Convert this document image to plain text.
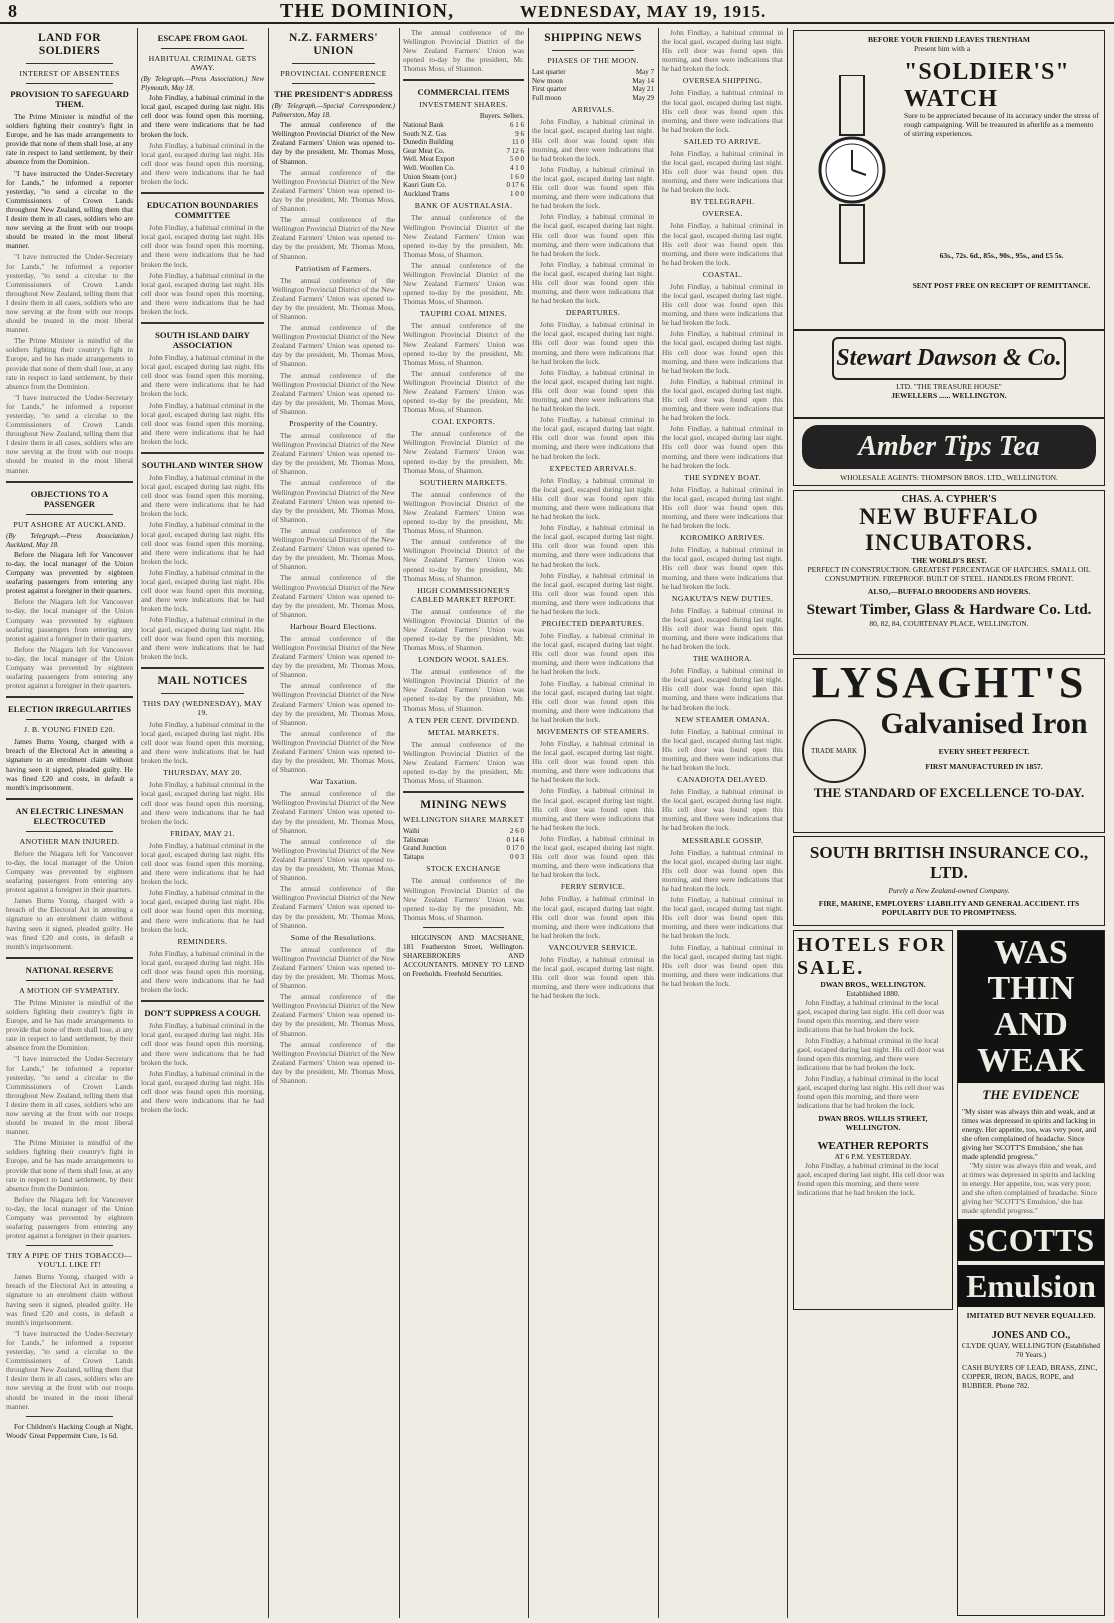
8	THE DOMINION,	WEDNESDAY, MAY 19, 1915.
LAND FOR SOLDIERS
INTEREST OF ABSENTEES
PROVISION TO SAFEGUARD THEM.

The Prime Minister is mindful of the soldiers fighting their country's fight in Europe, and he has made arrangements to provide that none of them shall lose, at any rate in respect to land settlement, by their absence from the Dominion.

"I have instructed the Under-Secretary for Lands," he informed a reporter yesterday, "to send a circular to the Commissioners of Crown Lands throughout New Zealand, telling them that I desire them in all cases, soldiers who are now serving at the front with our troops should be treated in the most liberal manner.

"I have instructed the Under-Secretary for Lands," he informed a reporter yesterday, "to send a circular to the Commissioners of Crown Lands throughout New Zealand, telling them that I desire them in all cases, soldiers who are now serving at the front with our troops should be treated in the most liberal manner.

The Prime Minister is mindful of the soldiers fighting their country's fight in Europe, and he has made arrangements to provide that none of them shall lose, at any rate in respect to land settlement, by their absence from the Dominion.

"I have instructed the Under-Secretary for Lands," he informed a reporter yesterday, "to send a circular to the Commissioners of Crown Lands throughout New Zealand, telling them that I desire them in all cases, soldiers who are now serving at the front with our troops should be treated in the most liberal manner.

OBJECTIONS TO A PASSENGER
PUT ASHORE AT AUCKLAND.
(By Telegraph.—Press Association.) Auckland, May 18.

Before the Niagara left for Vancouver to-day, the local manager of the Union Company was prevented by eighteen seafaring passengers from entering any protest against a foreigner in their quarters.

Before the Niagara left for Vancouver to-day, the local manager of the Union Company was prevented by eighteen seafaring passengers from entering any protest against a foreigner in their quarters.

Before the Niagara left for Vancouver to-day, the local manager of the Union Company was prevented by eighteen seafaring passengers from entering any protest against a foreigner in their quarters.

ELECTION IRREGULARITIES
J. B. YOUNG FINED £20.

James Burns Young, charged with a breach of the Electoral Act in attesting a signature to an enrolment claim without having seen it signed, pleaded guilty. He was fined £20 and costs, in default a month's imprisonment.

AN ELECTRIC LINESMAN ELECTROCUTED
ANOTHER MAN INJURED.

Before the Niagara left for Vancouver to-day, the local manager of the Union Company was prevented by eighteen seafaring passengers from entering any protest against a foreigner in their quarters.

James Burns Young, charged with a breach of the Electoral Act in attesting a signature to an enrolment claim without having seen it signed, pleaded guilty. He was fined £20 and costs, in default a month's imprisonment.

NATIONAL RESERVE
A MOTION OF SYMPATHY.

The Prime Minister is mindful of the soldiers fighting their country's fight in Europe, and he has made arrangements to provide that none of them shall lose, at any rate in respect to land settlement, by their absence from the Dominion.

"I have instructed the Under-Secretary for Lands," he informed a reporter yesterday, "to send a circular to the Commissioners of Crown Lands throughout New Zealand, telling them that I desire them in all cases, soldiers who are now serving at the front with our troops should be treated in the most liberal manner.

The Prime Minister is mindful of the soldiers fighting their country's fight in Europe, and he has made arrangements to provide that none of them shall lose, at any rate in respect to land settlement, by their absence from the Dominion.

Before the Niagara left for Vancouver to-day, the local manager of the Union Company was prevented by eighteen seafaring passengers from entering any protest against a foreigner in their quarters.

TRY A PIPE OF THIS TOBACCO—YOU'LL LIKE IT!

James Burns Young, charged with a breach of the Electoral Act in attesting a signature to an enrolment claim without having seen it signed, pleaded guilty. He was fined £20 and costs, in default a month's imprisonment.

"I have instructed the Under-Secretary for Lands," he informed a reporter yesterday, "to send a circular to the Commissioners of Crown Lands throughout New Zealand, telling them that I desire them in all cases, soldiers who are now serving at the front with our troops should be treated in the most liberal manner.

For Children's Hacking Cough at Night, Woods' Great Peppermint Cure, 1s 6d.

ESCAPE FROM GAOL
HABITUAL CRIMINAL GETS AWAY.
(By Telegraph.—Press Association.) New Plymouth, May 18.

John Findlay, a habitual criminal in the local gaol, escaped during last night. His cell door was found open this morning, and there were indications that he had broken the lock.

John Findlay, a habitual criminal in the local gaol, escaped during last night. His cell door was found open this morning, and there were indications that he had broken the lock.

EDUCATION BOUNDARIES COMMITTEE

John Findlay, a habitual criminal in the local gaol, escaped during last night. His cell door was found open this morning, and there were indications that he had broken the lock.

John Findlay, a habitual criminal in the local gaol, escaped during last night. His cell door was found open this morning, and there were indications that he had broken the lock.

SOUTH ISLAND DAIRY ASSOCIATION

John Findlay, a habitual criminal in the local gaol, escaped during last night. His cell door was found open this morning, and there were indications that he had broken the lock.

John Findlay, a habitual criminal in the local gaol, escaped during last night. His cell door was found open this morning, and there were indications that he had broken the lock.

SOUTHLAND WINTER SHOW

John Findlay, a habitual criminal in the local gaol, escaped during last night. His cell door was found open this morning, and there were indications that he had broken the lock.

John Findlay, a habitual criminal in the local gaol, escaped during last night. His cell door was found open this morning, and there were indications that he had broken the lock.

John Findlay, a habitual criminal in the local gaol, escaped during last night. His cell door was found open this morning, and there were indications that he had broken the lock.

John Findlay, a habitual criminal in the local gaol, escaped during last night. His cell door was found open this morning, and there were indications that he had broken the lock.

MAIL NOTICES
THIS DAY (WEDNESDAY), MAY 19.

John Findlay, a habitual criminal in the local gaol, escaped during last night. His cell door was found open this morning, and there were indications that he had broken the lock.

THURSDAY, MAY 20.

John Findlay, a habitual criminal in the local gaol, escaped during last night. His cell door was found open this morning, and there were indications that he had broken the lock.

FRIDAY, MAY 21.

John Findlay, a habitual criminal in the local gaol, escaped during last night. His cell door was found open this morning, and there were indications that he had broken the lock.

John Findlay, a habitual criminal in the local gaol, escaped during last night. His cell door was found open this morning, and there were indications that he had broken the lock.

REMINDERS.

John Findlay, a habitual criminal in the local gaol, escaped during last night. His cell door was found open this morning, and there were indications that he had broken the lock.

DON'T SUPPRESS A COUGH.

John Findlay, a habitual criminal in the local gaol, escaped during last night. His cell door was found open this morning, and there were indications that he had broken the lock.

John Findlay, a habitual criminal in the local gaol, escaped during last night. His cell door was found open this morning, and there were indications that he had broken the lock.

N.Z. FARMERS' UNION
PROVINCIAL CONFERENCE
THE PRESIDENT'S ADDRESS
(By Telegraph.—Special Correspondent.) Palmerston, May 18.

The annual conference of the Wellington Provincial District of the New Zealand Farmers' Union was opened to-day by the president, Mr. Thomas Moss, of Shannon.

The annual conference of the Wellington Provincial District of the New Zealand Farmers' Union was opened to-day by the president, Mr. Thomas Moss, of Shannon.

The annual conference of the Wellington Provincial District of the New Zealand Farmers' Union was opened to-day by the president, Mr. Thomas Moss, of Shannon.

Patriotism of Farmers.

The annual conference of the Wellington Provincial District of the New Zealand Farmers' Union was opened to-day by the president, Mr. Thomas Moss, of Shannon.

The annual conference of the Wellington Provincial District of the New Zealand Farmers' Union was opened to-day by the president, Mr. Thomas Moss, of Shannon.

The annual conference of the Wellington Provincial District of the New Zealand Farmers' Union was opened to-day by the president, Mr. Thomas Moss, of Shannon.

Prosperity of the Country.

The annual conference of the Wellington Provincial District of the New Zealand Farmers' Union was opened to-day by the president, Mr. Thomas Moss, of Shannon.

The annual conference of the Wellington Provincial District of the New Zealand Farmers' Union was opened to-day by the president, Mr. Thomas Moss, of Shannon.

The annual conference of the Wellington Provincial District of the New Zealand Farmers' Union was opened to-day by the president, Mr. Thomas Moss, of Shannon.

The annual conference of the Wellington Provincial District of the New Zealand Farmers' Union was opened to-day by the president, Mr. Thomas Moss, of Shannon.

Harbour Board Elections.

The annual conference of the Wellington Provincial District of the New Zealand Farmers' Union was opened to-day by the president, Mr. Thomas Moss, of Shannon.

The annual conference of the Wellington Provincial District of the New Zealand Farmers' Union was opened to-day by the president, Mr. Thomas Moss, of Shannon.

The annual conference of the Wellington Provincial District of the New Zealand Farmers' Union was opened to-day by the president, Mr. Thomas Moss, of Shannon.

War Taxation.

The annual conference of the Wellington Provincial District of the New Zealand Farmers' Union was opened to-day by the president, Mr. Thomas Moss, of Shannon.

The annual conference of the Wellington Provincial District of the New Zealand Farmers' Union was opened to-day by the president, Mr. Thomas Moss, of Shannon.

The annual conference of the Wellington Provincial District of the New Zealand Farmers' Union was opened to-day by the president, Mr. Thomas Moss, of Shannon.

Some of the Resolutions.

The annual conference of the Wellington Provincial District of the New Zealand Farmers' Union was opened to-day by the president, Mr. Thomas Moss, of Shannon.

The annual conference of the Wellington Provincial District of the New Zealand Farmers' Union was opened to-day by the president, Mr. Thomas Moss, of Shannon.

The annual conference of the Wellington Provincial District of the New Zealand Farmers' Union was opened to-day by the president, Mr. Thomas Moss, of Shannon.

The annual conference of the Wellington Provincial District of the New Zealand Farmers' Union was opened to-day by the president, Mr. Thomas Moss, of Shannon.

COMMERCIAL ITEMS
INVESTMENT SHARES.
Buyers. Sellers.
National Bank	6 1 6
South N.Z. Gas	9 6
Dunedin Building	11 0
Gear Meat Co.	7 12 6
Well. Meat Export	5 0 0
Well. Woollen Co.	4 1 0
Union Steam (cor.)	1 6 0
Kauri Gum Co.	0 17 6
Auckland Trams	1 0 0
BANK OF AUSTRALASIA.

The annual conference of the Wellington Provincial District of the New Zealand Farmers' Union was opened to-day by the president, Mr. Thomas Moss, of Shannon.

The annual conference of the Wellington Provincial District of the New Zealand Farmers' Union was opened to-day by the president, Mr. Thomas Moss, of Shannon.

TAUPIRI COAL MINES.

The annual conference of the Wellington Provincial District of the New Zealand Farmers' Union was opened to-day by the president, Mr. Thomas Moss, of Shannon.

The annual conference of the Wellington Provincial District of the New Zealand Farmers' Union was opened to-day by the president, Mr. Thomas Moss, of Shannon.

COAL EXPORTS.

The annual conference of the Wellington Provincial District of the New Zealand Farmers' Union was opened to-day by the president, Mr. Thomas Moss, of Shannon.

SOUTHERN MARKETS.

The annual conference of the Wellington Provincial District of the New Zealand Farmers' Union was opened to-day by the president, Mr. Thomas Moss, of Shannon.

The annual conference of the Wellington Provincial District of the New Zealand Farmers' Union was opened to-day by the president, Mr. Thomas Moss, of Shannon.

HIGH COMMISSIONER'S CABLED MARKET REPORT.

The annual conference of the Wellington Provincial District of the New Zealand Farmers' Union was opened to-day by the president, Mr. Thomas Moss, of Shannon.

LONDON WOOL SALES.

The annual conference of the Wellington Provincial District of the New Zealand Farmers' Union was opened to-day by the president, Mr. Thomas Moss, of Shannon.

A TEN PER CENT. DIVIDEND.
METAL MARKETS.

The annual conference of the Wellington Provincial District of the New Zealand Farmers' Union was opened to-day by the president, Mr. Thomas Moss, of Shannon.

MINING NEWS
WELLINGTON SHARE MARKET
Waihi	2 6 0
Talisman	0 14 6
Grand Junction	0 17 0
Taitapu	0 0 3
STOCK EXCHANGE

The annual conference of the Wellington Provincial District of the New Zealand Farmers' Union was opened to-day by the president, Mr. Thomas Moss, of Shannon.

HIGGINSON AND MACSHANE, 181 Featherston Street, Wellington. SHAREBROKERS AND ACCOUNTANTS. MONEY TO LEND on Freeholds. Freehold Securities.

SHIPPING NEWS
PHASES OF THE MOON.
Last quarter	May 7
New moon	May 14
First quarter	May 21
Full moon	May 29
ARRIVALS.

John Findlay, a habitual criminal in the local gaol, escaped during last night. His cell door was found open this morning, and there were indications that he had broken the lock.

John Findlay, a habitual criminal in the local gaol, escaped during last night. His cell door was found open this morning, and there were indications that he had broken the lock.

John Findlay, a habitual criminal in the local gaol, escaped during last night. His cell door was found open this morning, and there were indications that he had broken the lock.

John Findlay, a habitual criminal in the local gaol, escaped during last night. His cell door was found open this morning, and there were indications that he had broken the lock.

DEPARTURES.

John Findlay, a habitual criminal in the local gaol, escaped during last night. His cell door was found open this morning, and there were indications that he had broken the lock.

John Findlay, a habitual criminal in the local gaol, escaped during last night. His cell door was found open this morning, and there were indications that he had broken the lock.

John Findlay, a habitual criminal in the local gaol, escaped during last night. His cell door was found open this morning, and there were indications that he had broken the lock.

EXPECTED ARRIVALS.

John Findlay, a habitual criminal in the local gaol, escaped during last night. His cell door was found open this morning, and there were indications that he had broken the lock.

John Findlay, a habitual criminal in the local gaol, escaped during last night. His cell door was found open this morning, and there were indications that he had broken the lock.

John Findlay, a habitual criminal in the local gaol, escaped during last night. His cell door was found open this morning, and there were indications that he had broken the lock.

PROJECTED DEPARTURES.

John Findlay, a habitual criminal in the local gaol, escaped during last night. His cell door was found open this morning, and there were indications that he had broken the lock.

John Findlay, a habitual criminal in the local gaol, escaped during last night. His cell door was found open this morning, and there were indications that he had broken the lock.

MOVEMENTS OF STEAMERS.

John Findlay, a habitual criminal in the local gaol, escaped during last night. His cell door was found open this morning, and there were indications that he had broken the lock.

John Findlay, a habitual criminal in the local gaol, escaped during last night. His cell door was found open this morning, and there were indications that he had broken the lock.

John Findlay, a habitual criminal in the local gaol, escaped during last night. His cell door was found open this morning, and there were indications that he had broken the lock.

FERRY SERVICE.

John Findlay, a habitual criminal in the local gaol, escaped during last night. His cell door was found open this morning, and there were indications that he had broken the lock.

VANCOUVER SERVICE.

John Findlay, a habitual criminal in the local gaol, escaped during last night. His cell door was found open this morning, and there were indications that he had broken the lock.

John Findlay, a habitual criminal in the local gaol, escaped during last night. His cell door was found open this morning, and there were indications that he had broken the lock.

OVERSEA SHIPPING.

John Findlay, a habitual criminal in the local gaol, escaped during last night. His cell door was found open this morning, and there were indications that he had broken the lock.

SAILED TO ARRIVE.

John Findlay, a habitual criminal in the local gaol, escaped during last night. His cell door was found open this morning, and there were indications that he had broken the lock.

BY TELEGRAPH.
OVERSEA.

John Findlay, a habitual criminal in the local gaol, escaped during last night. His cell door was found open this morning, and there were indications that he had broken the lock.

COASTAL.

John Findlay, a habitual criminal in the local gaol, escaped during last night. His cell door was found open this morning, and there were indications that he had broken the lock.

John Findlay, a habitual criminal in the local gaol, escaped during last night. His cell door was found open this morning, and there were indications that he had broken the lock.

John Findlay, a habitual criminal in the local gaol, escaped during last night. His cell door was found open this morning, and there were indications that he had broken the lock.

John Findlay, a habitual criminal in the local gaol, escaped during last night. His cell door was found open this morning, and there were indications that he had broken the lock.

THE SYDNEY BOAT.

John Findlay, a habitual criminal in the local gaol, escaped during last night. His cell door was found open this morning, and there were indications that he had broken the lock.

KOROMIKO ARRIVES.

John Findlay, a habitual criminal in the local gaol, escaped during last night. His cell door was found open this morning, and there were indications that he had broken the lock.

NGAKUTA'S NEW DUTIES.

John Findlay, a habitual criminal in the local gaol, escaped during last night. His cell door was found open this morning, and there were indications that he had broken the lock.

THE WAIHORA.

John Findlay, a habitual criminal in the local gaol, escaped during last night. His cell door was found open this morning, and there were indications that he had broken the lock.

NEW STEAMER OMANA.

John Findlay, a habitual criminal in the local gaol, escaped during last night. His cell door was found open this morning, and there were indications that he had broken the lock.

CANADIOTA DELAYED.

John Findlay, a habitual criminal in the local gaol, escaped during last night. His cell door was found open this morning, and there were indications that he had broken the lock.

MESSRABLE GOSSIP.

John Findlay, a habitual criminal in the local gaol, escaped during last night. His cell door was found open this morning, and there were indications that he had broken the lock.

John Findlay, a habitual criminal in the local gaol, escaped during last night. His cell door was found open this morning, and there were indications that he had broken the lock.

John Findlay, a habitual criminal in the local gaol, escaped during last night. His cell door was found open this morning, and there were indications that he had broken the lock.

BEFORE YOUR FRIEND LEAVES TRENTHAM
Present him with a
"SOLDIER'S" WATCH
Sure to be appreciated because of its accuracy under the stress of rough campaigning. Will be treasured in afterlife as a memento of stirring experiences.
63s., 72s. 6d., 85s., 90s., 95s., and £5 5s.
SENT POST FREE ON RECEIPT OF REMITTANCE.
Stewart Dawson & Co.
LTD. "THE TREASURE HOUSE"
JEWELLERS ...... WELLINGTON.
Amber Tips Tea
WHOLESALE AGENTS: THOMPSON BROS. LTD., WELLINGTON.
CHAS. A. CYPHER'S
NEW BUFFALO INCUBATORS.
THE WORLD'S BEST.
PERFECT IN CONSTRUCTION. GREATEST PERCENTAGE OF HATCHES. SMALL OIL CONSUMPTION. FIREPROOF. BUILT OF STEEL. HANDLES FROM FRONT.
ALSO,—BUFFALO BROODERS AND HOVERS.
Stewart Timber, Glass & Hardware Co. Ltd.
80, 82, 84, COURTENAY PLACE, WELLINGTON.
LYSAGHT'S
TRADE MARK
Galvanised Iron
EVERY SHEET PERFECT.
FIRST MANUFACTURED IN 1857.
THE STANDARD OF EXCELLENCE TO-DAY.
SOUTH BRITISH INSURANCE CO., LTD.
Purely a New Zealand-owned Company.
FIRE, MARINE, EMPLOYERS' LIABILITY AND GENERAL ACCIDENT. ITS POPULARITY DUE TO PROMPTNESS.
HOTELS FOR SALE.
DWAN BROS., WELLINGTON.
Established 1880.

John Findlay, a habitual criminal in the local gaol, escaped during last night. His cell door was found open this morning, and there were indications that he had broken the lock.

John Findlay, a habitual criminal in the local gaol, escaped during last night. His cell door was found open this morning, and there were indications that he had broken the lock.

John Findlay, a habitual criminal in the local gaol, escaped during last night. His cell door was found open this morning, and there were indications that he had broken the lock.

DWAN BROS. WILLIS STREET, WELLINGTON.
WEATHER REPORTS
AT 6 P.M. YESTERDAY.

John Findlay, a habitual criminal in the local gaol, escaped during last night. His cell door was found open this morning, and there were indications that he had broken the lock.

WAS THIN AND WEAK
THE EVIDENCE
"My sister was always thin and weak, and at times was depressed in spirits and lacking in energy. Her appetite, too, was very poor, and she often complained of headache. Since giving her 'SCOTT'S Emulsion,' she has made splendid progress."

"My sister was always thin and weak, and at times was depressed in spirits and lacking in energy. Her appetite, too, was very poor, and she often complained of headache. Since giving her 'SCOTT'S Emulsion,' she has made splendid progress."

SCOTTS
Emulsion
IMITATED BUT NEVER EQUALLED.
JONES AND CO.,
CLYDE QUAY, WELLINGTON (Established 70 Years.)
CASH BUYERS OF LEAD, BRASS, ZINC, COPPER, IRON, BAGS, ROPE, and RUBBER. Phone 782.
